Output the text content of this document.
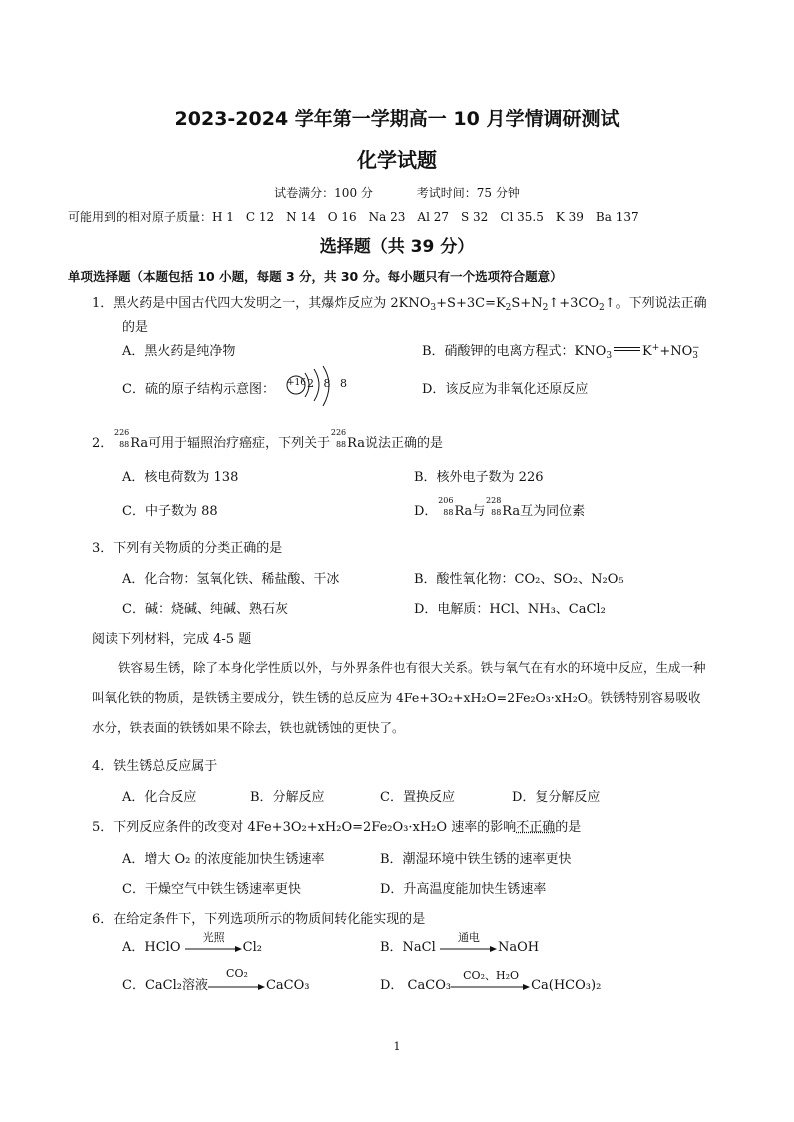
2023-2024 学年第一学期高一 10 月学情调研测试
化学试题
试卷满分：100 分	考试时间：75 分钟
可能用到的相对原子质量：H 1　C 12　N 14　O 16　Na 23　Al 27　S 32　Cl 35.5　K 39　Ba 137
选择题（共 39 分）
单项选择题（本题包括 10 小题，每题 3 分，共 30 分。每小题只有一个选项符合题意）
1．黑火药是中国古代四大发明之一，其爆炸反应为 $2KNO_3+S+3C=K_2S+N_2↑+3CO_2↑$。下列说法正确
的是
A．黑火药是纯净物	B．硝酸钾的电离方程式：$KNO_3$ $K^++NO_3^-$
C．硫的原子结构示意图： +16 2 8 8	D．该反应为非氧化还原反应
2．
226
88 Ra可用于辐照治疗癌症，下列关于
226
88 Ra说法正确的是
A．核电荷数为 138	B．核外电子数为 226
C．中子数为 88	D．
206
88 Ra与
228
88 Ra互为同位素
3．下列有关物质的分类正确的是
A．化合物：氢氧化铁、稀盐酸、干冰	B．酸性氧化物：CO₂、SO₂、N₂O₅
C．碱：烧碱、纯碱、熟石灰	D．电解质：HCl、NH₃、CaCl₂
阅读下列材料，完成 4-5 题
铁容易生锈，除了本身化学性质以外，与外界条件也有很大关系。铁与氧气在有水的环境中反应，生成一种叫氧化铁的物质，是铁锈主要成分，铁生锈的总反应为 4Fe+3O₂+xH₂O=2Fe₂O₃·xH₂O。铁锈特别容易吸收水分，铁表面的铁锈如果不除去，铁也就锈蚀的更快了。
4．铁生锈总反应属于
A．化合反应	B．分解反应	C．置换反应	D．复分解反应
5．下列反应条件的改变对 4Fe+3O₂+xH₂O=2Fe₂O₃·xH₂O 速率的影响不正确的是
A．增大 O₂ 的浓度能加快生锈速率	B．潮湿环境中铁生锈的速率更快
C．干燥空气中铁生锈速率更快	D．升高温度能加快生锈速率
6．在给定条件下，下列选项所示的物质间转化能实现的是
A．HClO
光照
Cl₂	B．NaCl
通电
NaOH
C．CaCl₂溶液
CO₂
CaCO₃	D． CaCO₃
CO₂、H₂O
Ca(HCO₃)₂
1
